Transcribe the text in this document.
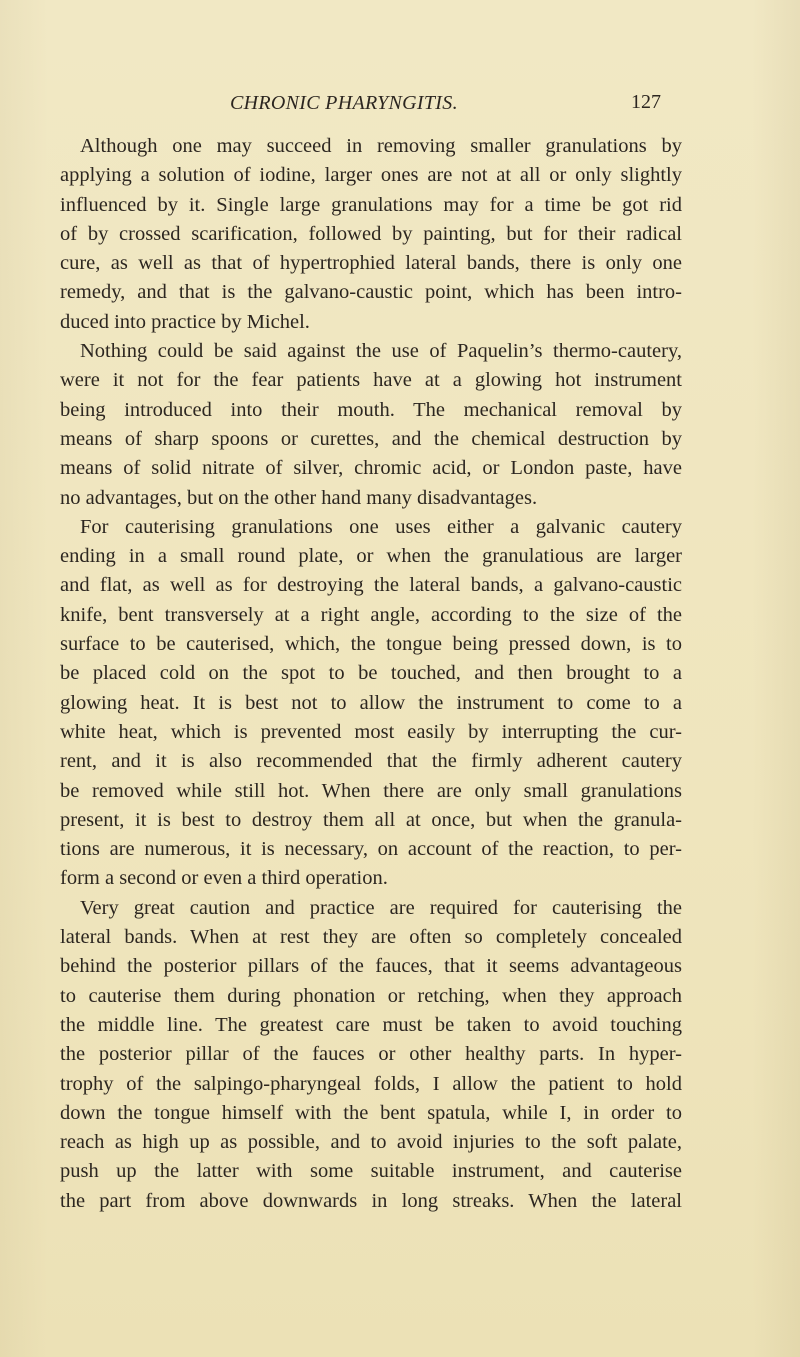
CHRONIC PHARYNGITIS.	127
Although one may succeed in removing smaller granulations by
applying a solution of iodine, larger ones are not at all or only slightly
influenced by it. Single large granulations may for a time be got rid
of by crossed scarification, followed by painting, but for their radical
cure, as well as that of hypertrophied lateral bands, there is only one
remedy, and that is the galvano-caustic point, which has been intro-
duced into practice by Michel.
Nothing could be said against the use of Paquelin’s thermo-cautery,
were it not for the fear patients have at a glowing hot instrument
being introduced into their mouth. The mechanical removal by
means of sharp spoons or curettes, and the chemical destruction by
means of solid nitrate of silver, chromic acid, or London paste, have
no advantages, but on the other hand many disadvantages.
For cauterising granulations one uses either a galvanic cautery
ending in a small round plate, or when the granulatious are larger
and flat, as well as for destroying the lateral bands, a galvano-caustic
knife, bent transversely at a right angle, according to the size of the
surface to be cauterised, which, the tongue being pressed down, is to
be placed cold on the spot to be touched, and then brought to a
glowing heat. It is best not to allow the instrument to come to a
white heat, which is prevented most easily by interrupting the cur-
rent, and it is also recommended that the firmly adherent cautery
be removed while still hot. When there are only small granulations
present, it is best to destroy them all at once, but when the granula-
tions are numerous, it is necessary, on account of the reaction, to per-
form a second or even a third operation.
Very great caution and practice are required for cauterising the
lateral bands. When at rest they are often so completely concealed
behind the posterior pillars of the fauces, that it seems advantageous
to cauterise them during phonation or retching, when they approach
the middle line. The greatest care must be taken to avoid touching
the posterior pillar of the fauces or other healthy parts. In hyper-
trophy of the salpingo-pharyngeal folds, I allow the patient to hold
down the tongue himself with the bent spatula, while I, in order to
reach as high up as possible, and to avoid injuries to the soft palate,
push up the latter with some suitable instrument, and cauterise
the part from above downwards in long streaks. When the lateral
